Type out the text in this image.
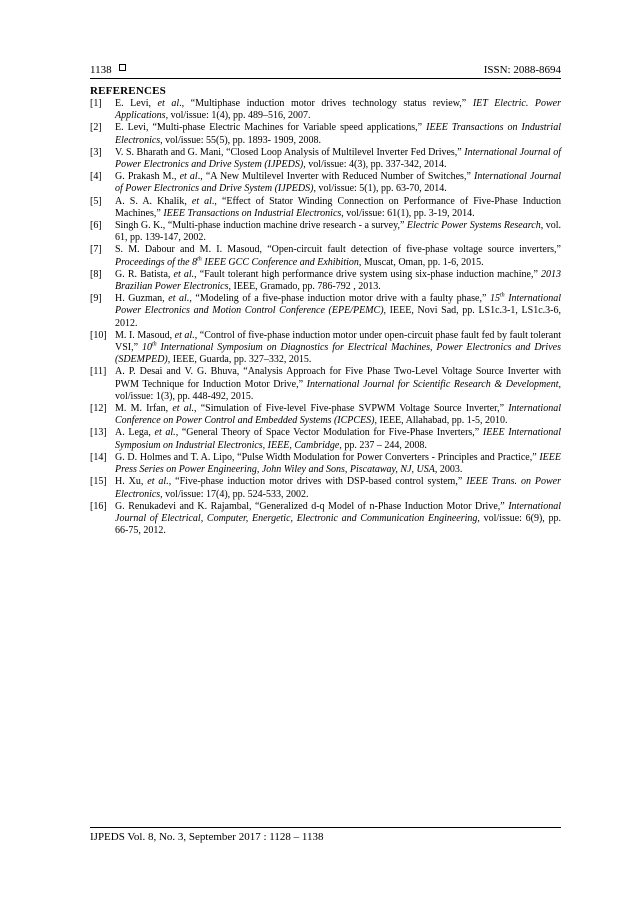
1138	ISSN: 2088-8694
REFERENCES
[1]	E. Levi, et al., “Multiphase induction motor drives technology status review,” IET Electric. Power Applications, vol/issue: 1(4), pp. 489–516, 2007.
[2]	E. Levi, “Multi-phase Electric Machines for Variable speed applications,” IEEE Transactions on Industrial Electronics, vol/issue: 55(5), pp. 1893- 1909, 2008.
[3]	V. S. Bharath and G. Mani, “Closed Loop Analysis of Multilevel Inverter Fed Drives,” International Journal of Power Electronics and Drive System (IJPEDS), vol/issue: 4(3), pp. 337-342, 2014.
[4]	G. Prakash M., et al., “A New Multilevel Inverter with Reduced Number of Switches,” International Journal of Power Electronics and Drive System (IJPEDS), vol/issue: 5(1), pp. 63-70, 2014.
[5]	A. S. A. Khalik, et al., “Effect of Stator Winding Connection on Performance of Five-Phase Induction Machines,” IEEE Transactions on Industrial Electronics, vol/issue: 61(1), pp. 3-19, 2014.
[6]	Singh G. K., “Multi-phase induction machine drive research - a survey,” Electric Power Systems Research, vol. 61, pp. 139-147, 2002.
[7]	S. M. Dabour and M. I. Masoud, “Open-circuit fault detection of five-phase voltage source inverters,” Proceedings of the 8th IEEE GCC Conference and Exhibition, Muscat, Oman, pp. 1-6, 2015.
[8]	G. R. Batista, et al., “Fault tolerant high performance drive system using six-phase induction machine,” 2013 Brazilian Power Electronics, IEEE, Gramado, pp. 786-792 , 2013.
[9]	H. Guzman, et al., “Modeling of a five-phase induction motor drive with a faulty phase,” 15th International Power Electronics and Motion Control Conference (EPE/PEMC), IEEE, Novi Sad, pp. LS1c.3-1, LS1c.3-6, 2012.
[10] M. I. Masoud, et al., “Control of five-phase induction motor under open-circuit phase fault fed by fault tolerant VSI,” 10th International Symposium on Diagnostics for Electrical Machines, Power Electronics and Drives (SDEMPED), IEEE, Guarda, pp. 327–332, 2015.
[11] A. P. Desai and V. G. Bhuva, “Analysis Approach for Five Phase Two-Level Voltage Source Inverter with PWM Technique for Induction Motor Drive,” International Journal for Scientific Research & Development, vol/issue: 1(3), pp. 448-492, 2015.
[12] M. M. Irfan, et al., “Simulation of Five-level Five-phase SVPWM Voltage Source Inverter,” International Conference on Power Control and Embedded Systems (ICPCES), IEEE, Allahabad, pp. 1-5, 2010.
[13] A. Lega, et al., “General Theory of Space Vector Modulation for Five-Phase Inverters,” IEEE International Symposium on Industrial Electronics, IEEE, Cambridge, pp. 237 – 244, 2008.
[14] G. D. Holmes and T. A. Lipo, “Pulse Width Modulation for Power Converters - Principles and Practice,” IEEE Press Series on Power Engineering, John Wiley and Sons, Piscataway, NJ, USA, 2003.
[15] H. Xu, et al., “Five-phase induction motor drives with DSP-based control system,” IEEE Trans. on Power Electronics, vol/issue: 17(4), pp. 524-533, 2002.
[16] G. Renukadevi and K. Rajambal, “Generalized d-q Model of n-Phase Induction Motor Drive,” International Journal of Electrical, Computer, Energetic, Electronic and Communication Engineering, vol/issue: 6(9), pp. 66-75, 2012.
IJPEDS Vol. 8, No. 3, September 2017 : 1128 – 1138
